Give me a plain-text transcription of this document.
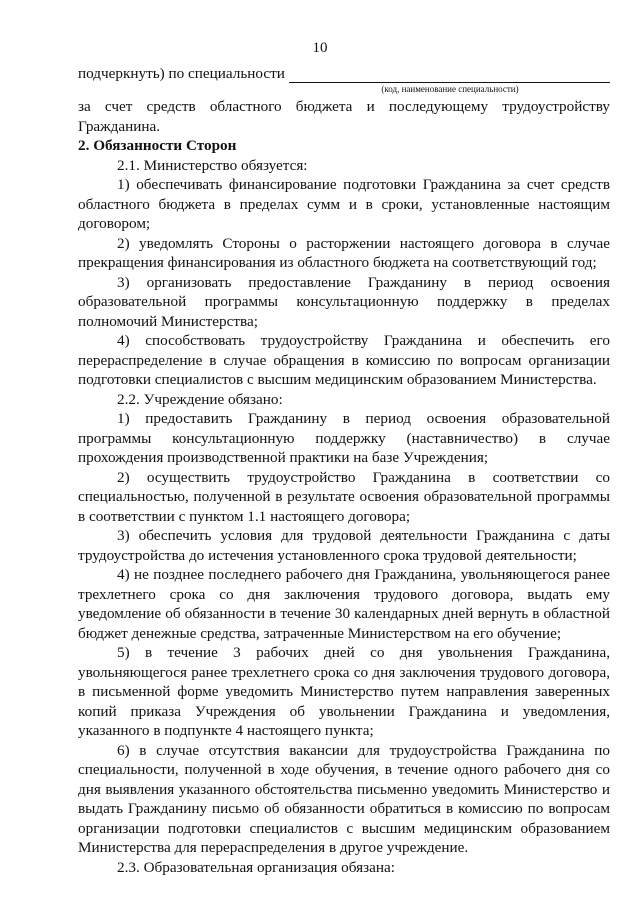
10
подчеркнуть) по специальности
(код, наименование специальности)

за счет средств областного бюджета и последующему трудоустройству Гражданина.

2. Обязанности Сторон

2.1. Министерство обязуется:

1) обеспечивать финансирование подготовки Гражданина за счет средств областного бюджета в пределах сумм и в сроки, установленные настоящим договором;

2) уведомлять Стороны о расторжении настоящего договора в случае прекращения финансирования из областного бюджета на соответствующий год;

3) организовать предоставление Гражданину в период освоения образовательной программы консультационную поддержку в пределах полномочий Министерства;

4) способствовать трудоустройству Гражданина и обеспечить его перераспределение в случае обращения в комиссию по вопросам организации подготовки специалистов с высшим медицинским образованием Министерства.

2.2. Учреждение обязано:

1) предоставить Гражданину в период освоения образовательной программы консультационную поддержку (наставничество) в случае прохождения производственной практики на базе Учреждения;

2) осуществить трудоустройство Гражданина в соответствии со специальностью, полученной в результате освоения образовательной программы в соответствии с пунктом 1.1 настоящего договора;

3) обеспечить условия для трудовой деятельности Гражданина с даты трудоустройства до истечения установленного срока трудовой деятельности;

4) не позднее последнего рабочего дня Гражданина, увольняющегося ранее трехлетнего срока со дня заключения трудового договора, выдать ему уведомление об обязанности в течение 30 календарных дней вернуть в областной бюджет денежные средства, затраченные Министерством на его обучение;

5) в течение 3 рабочих дней со дня увольнения Гражданина, увольняющегося ранее трехлетнего срока со дня заключения трудового договора, в письменной форме уведомить Министерство путем направления заверенных копий приказа Учреждения об увольнении Гражданина и уведомления, указанного в подпункте 4 настоящего пункта;

6) в случае отсутствия вакансии для трудоустройства Гражданина по специальности, полученной в ходе обучения, в течение одного рабочего дня со дня выявления указанного обстоятельства письменно уведомить Министерство и выдать Гражданину письмо об обязанности обратиться в комиссию по вопросам организации подготовки специалистов с высшим медицинским образованием Министерства для перераспределения в другое учреждение.

2.3. Образовательная организация обязана:
